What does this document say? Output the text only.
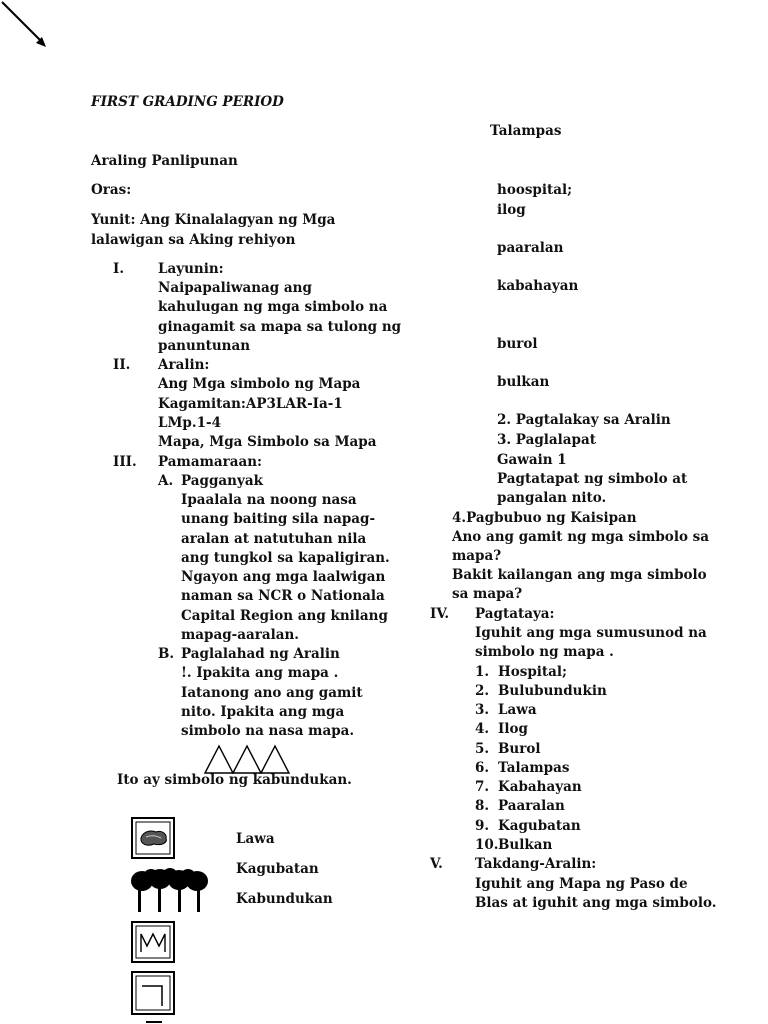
FIRST GRADING PERIOD
Araling Panlipunan
Oras:
Yunit: Ang Kinalalagyan ng Mga
lalawigan sa Aking rehiyon
I.	Layunin:
Naipapaliwanag ang
kahulugan ng mga simbolo na
ginagamit sa mapa sa tulong ng
panuntunan
II. Aralin:
Ang Mga simbolo ng Mapa
Kagamitan:AP3LAR-Ia-1
LMp.1-4
Mapa, Mga Simbolo sa Mapa
III. Pamamaraan:
A. Pagganyak
Ipaalala na noong nasa
unang baiting sila napag-
aralan at natutuhan nila
ang tungkol sa kapaligiran.
Ngayon ang mga laalwigan
naman sa NCR o Nationala
Capital Region ang knilang
mapag-aaralan.
B. Paglalahad ng Aralin
!. Ipakita ang mapa .
Iatanong ano ang gamit
nito. Ipakita ang mga
simbolo na nasa mapa.
Ito ay simbolo ng kabundukan.
Lawa
Kagubatan
Kabundukan
Talampas
hoospital;
ilog
paaralan
kabahayan
burol
bulkan
2. Pagtalakay sa Aralin
3. Paglalapat
Gawain 1
Pagtatapat ng simbolo at
pangalan nito.
4.Pagbubuo ng Kaisipan
Ano ang gamit ng mga simbolo sa
mapa?
Bakit kailangan ang mga simbolo
sa mapa?
IV. Pagtataya:
Iguhit ang mga sumusunod na
simbolo ng mapa .
1. Hospital;
2. Bulubundukin
3. Lawa
4. Ilog
5. Burol
6. Talampas
7. Kabahayan
8. Paaralan
9. Kagubatan
10. Bulkan
V. Takdang-Aralin:
Iguhit ang Mapa ng Paso de
Blas at iguhit ang mga simbolo.
